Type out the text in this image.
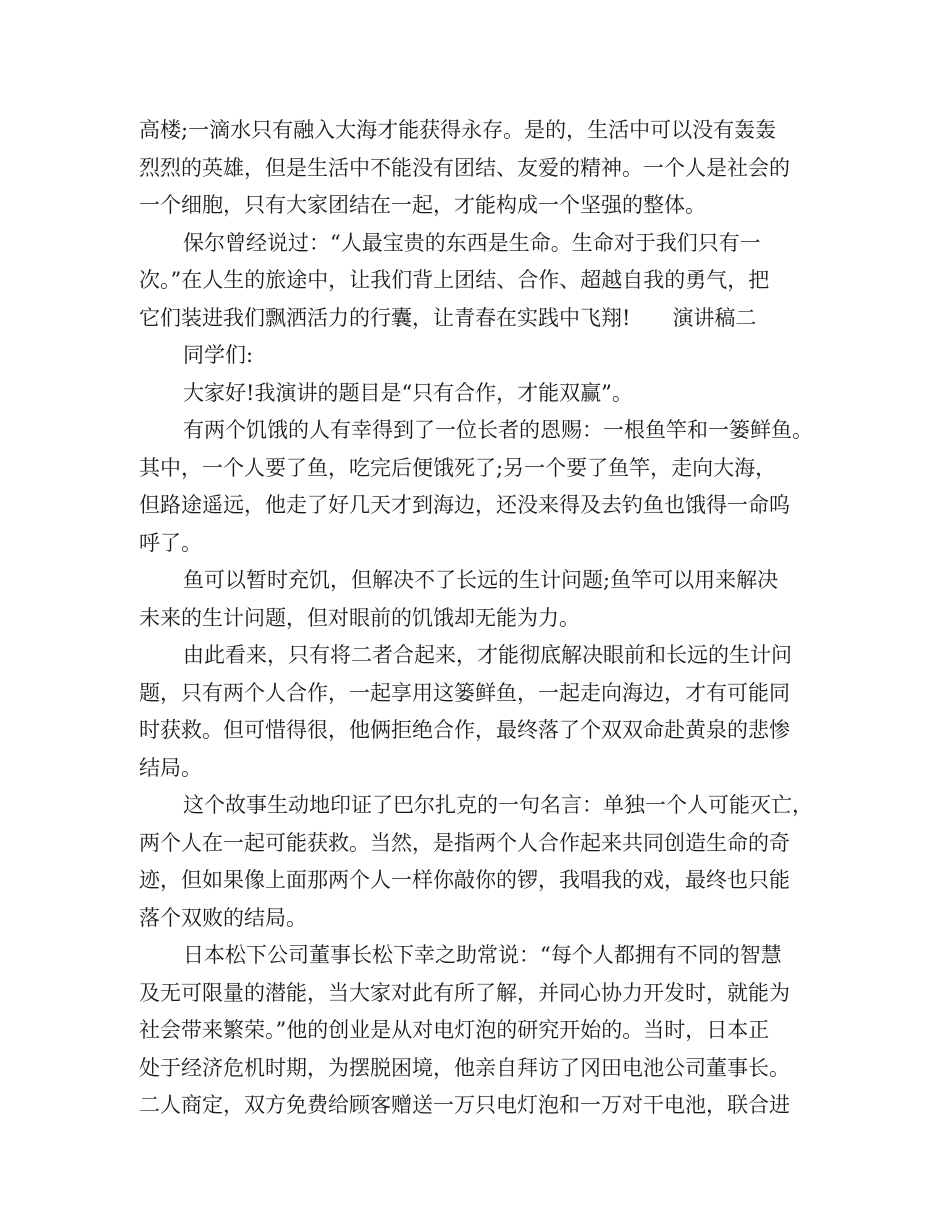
高楼;一滴水只有融入大海才能获得永存。是的，生活中可以没有轰轰
烈烈的英雄，但是生活中不能没有团结、友爱的精神。一个人是社会的
一个细胞，只有大家团结在一起，才能构成一个坚强的整体。
保尔曾经说过：“人最宝贵的东西是生命。生命对于我们只有一
次。”在人生的旅途中，让我们背上团结、合作、超越自我的勇气，把
它们装进我们飘洒活力的行囊，让青春在实践中飞翔! 演讲稿二
同学们:
大家好!我演讲的题目是“只有合作，才能双赢”。
有两个饥饿的人有幸得到了一位长者的恩赐：一根鱼竿和一篓鲜鱼。
其中，一个人要了鱼，吃完后便饿死了;另一个要了鱼竿，走向大海，
但路途遥远，他走了好几天才到海边，还没来得及去钓鱼也饿得一命呜
呼了。
鱼可以暂时充饥，但解决不了长远的生计问题;鱼竿可以用来解决
未来的生计问题，但对眼前的饥饿却无能为力。
由此看来，只有将二者合起来，才能彻底解决眼前和长远的生计问
题，只有两个人合作，一起享用这篓鲜鱼，一起走向海边，才有可能同
时获救。但可惜得很，他俩拒绝合作，最终落了个双双命赴黄泉的悲惨
结局。
这个故事生动地印证了巴尔扎克的一句名言：单独一个人可能灭亡，
两个人在一起可能获救。当然，是指两个人合作起来共同创造生命的奇
迹，但如果像上面那两个人一样你敲你的锣，我唱我的戏，最终也只能
落个双败的结局。
日本松下公司董事长松下幸之助常说：“每个人都拥有不同的智慧
及无可限量的潜能，当大家对此有所了解，并同心协力开发时，就能为
社会带来繁荣。”他的创业是从对电灯泡的研究开始的。当时，日本正
处于经济危机时期，为摆脱困境，他亲自拜访了冈田电池公司董事长。
二人商定，双方免费给顾客赠送一万只电灯泡和一万对干电池，联合进
